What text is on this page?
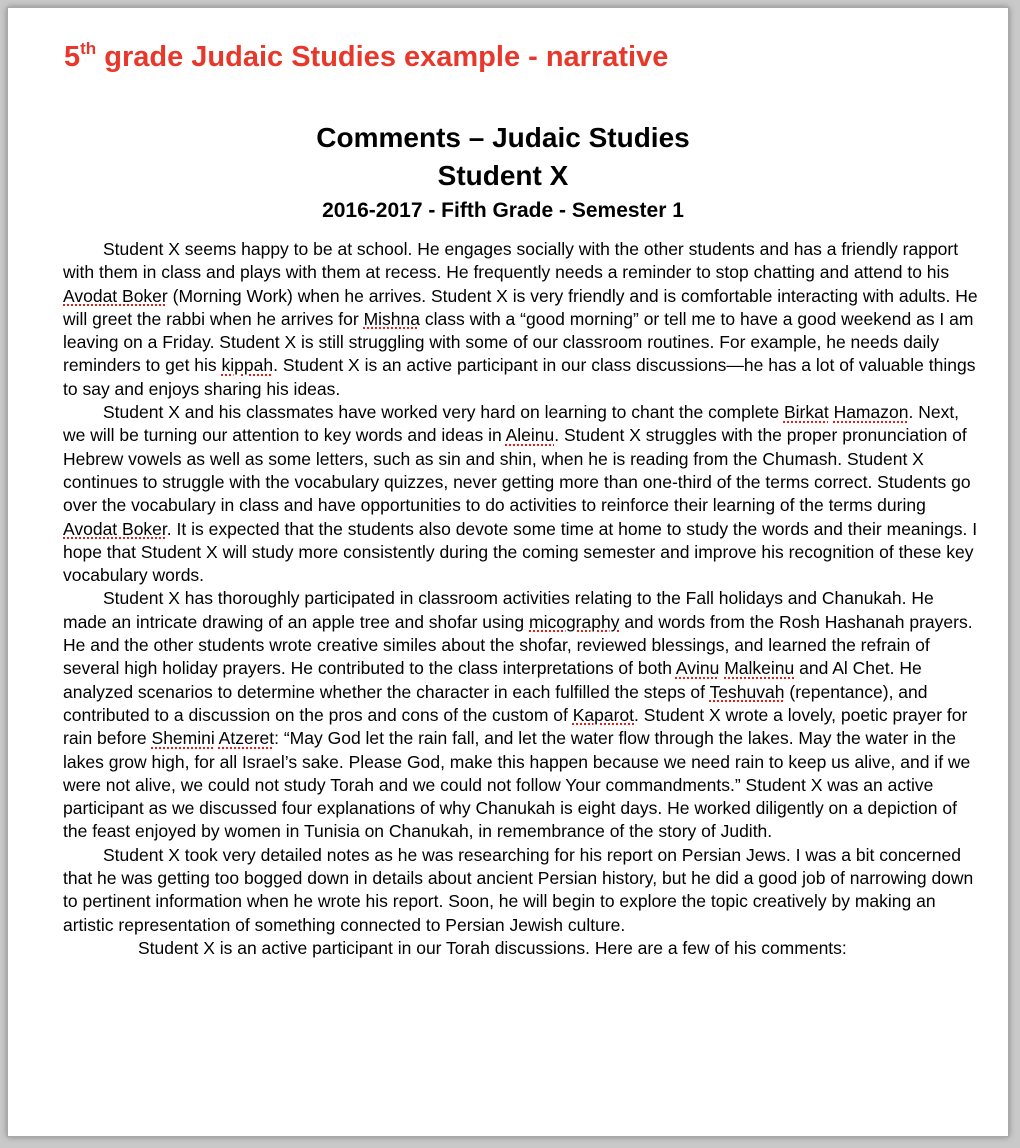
5th grade Judaic Studies example - narrative
Comments – Judaic Studies
Student X
2016-2017 - Fifth Grade - Semester 1

Student X seems happy to be at school. He engages socially with the other students and has a friendly rapport with them in class and plays with them at recess. He frequently needs a reminder to stop chatting and attend to his Avodat Boker (Morning Work) when he arrives. Student X is very friendly and is comfortable interacting with adults. He will greet the rabbi when he arrives for Mishna class with a “good morning” or tell me to have a good weekend as I am leaving on a Friday. Student X is still struggling with some of our classroom routines. For example, he needs daily reminders to get his kippah. Student X is an active participant in our class discussions—he has a lot of valuable things to say and enjoys sharing his ideas.

Student X and his classmates have worked very hard on learning to chant the complete Birkat Hamazon. Next, we will be turning our attention to key words and ideas in Aleinu. Student X struggles with the proper pronunciation of Hebrew vowels as well as some letters, such as sin and shin, when he is reading from the Chumash. Student X continues to struggle with the vocabulary quizzes, never getting more than one-third of the terms correct. Students go over the vocabulary in class and have opportunities to do activities to reinforce their learning of the terms during Avodat Boker. It is expected that the students also devote some time at home to study the words and their meanings. I hope that Student X will study more consistently during the coming semester and improve his recognition of these key vocabulary words.

Student X has thoroughly participated in classroom activities relating to the Fall holidays and Chanukah. He made an intricate drawing of an apple tree and shofar using micography and words from the Rosh Hashanah prayers. He and the other students wrote creative similes about the shofar, reviewed blessings, and learned the refrain of several high holiday prayers. He contributed to the class interpretations of both Avinu Malkeinu and Al Chet. He analyzed scenarios to determine whether the character in each fulfilled the steps of Teshuvah (repentance), and contributed to a discussion on the pros and cons of the custom of Kaparot. Student X wrote a lovely, poetic prayer for rain before Shemini Atzeret: “May God let the rain fall, and let the water flow through the lakes. May the water in the lakes grow high, for all Israel’s sake. Please God, make this happen because we need rain to keep us alive, and if we were not alive, we could not study Torah and we could not follow Your commandments.” Student X was an active participant as we discussed four explanations of why Chanukah is eight days. He worked diligently on a depiction of the feast enjoyed by women in Tunisia on Chanukah, in remembrance of the story of Judith.

Student X took very detailed notes as he was researching for his report on Persian Jews. I was a bit concerned that he was getting too bogged down in details about ancient Persian history, but he did a good job of narrowing down to pertinent information when he wrote his report. Soon, he will begin to explore the topic creatively by making an artistic representation of something connected to Persian Jewish culture.

Student X is an active participant in our Torah discussions. Here are a few of his comments:
